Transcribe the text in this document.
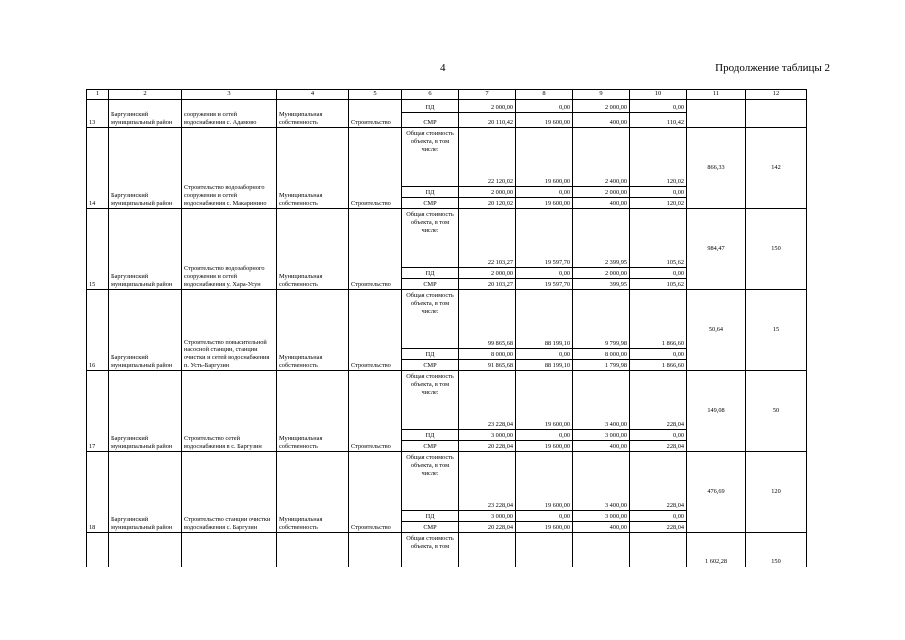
4	Продолжение таблицы 2
1	2	3	4	5	6	7	8	9	10	11	12
13	Баргузинский муниципальный район	сооружения и сетей водоснабжения с. Адамово	Муниципальная собственность	Строительство	ПД	2 000,00	0,00	2 000,00	0,00		
					СМР	20 110,42	19 600,00	400,00	110,42		
14	Баргузинский муниципальный район	Строительство водозаборного сооружения и сетей водоснабжения с. Макаринино	Муниципальная собственность	Строительство	Общая стоимость объекта, в том числе:	22 120,02	19 600,00	2 400,00	120,02	866,33	142
					ПД	2 000,00	0,00	2 000,00	0,00		
					СМР	20 120,02	19 600,00	400,00	120,02		
15	Баргузинский муниципальный район	Строительство водозаборного сооружения и сетей водоснабжения у. Хара-Усун	Муниципальная собственность	Строительство	Общая стоимость объекта, в том числе:	22 103,27	19 597,70	2 399,95	105,62	984,47	150
					ПД	2 000,00	0,00	2 000,00	0,00		
					СМР	20 103,27	19 597,70	399,95	105,62		
16	Баргузинский муниципальный район	Строительство повысительной насосной станции, станции очистки и сетей водоснабжения п. Усть-Баргузин	Муниципальная собственность	Строительство	Общая стоимость объекта, в том числе:	99 865,68	88 199,10	9 799,98	1 866,60	50,64	15
					ПД	8 000,00	0,00	8 000,00	0,00		
					СМР	91 865,68	88 199,10	1 799,98	1 866,60		
17	Баргузинский муниципальный район	Строительство сетей водоснабжения в с. Баргузин	Муниципальная собственность	Строительство	Общая стоимость объекта, в том числе:	23 228,04	19 600,00	3 400,00	228,04	149,08	50
					ПД	3 000,00	0,00	3 000,00	0,00		
					СМР	20 228,04	19 600,00	400,00	228,04		
18	Баргузинский муниципальный район	Строительство станции очистки водоснабжения с. Баргузин	Муниципальная собственность	Строительство	Общая стоимость объекта, в том числе:	23 228,04	19 600,00	3 400,00	228,04	476,69	120
					ПД	3 000,00	0,00	3 000,00	0,00		
					СМР	20 228,04	19 600,00	400,00	228,04		
					Общая стоимость объекта, в том					1 602,28	150
